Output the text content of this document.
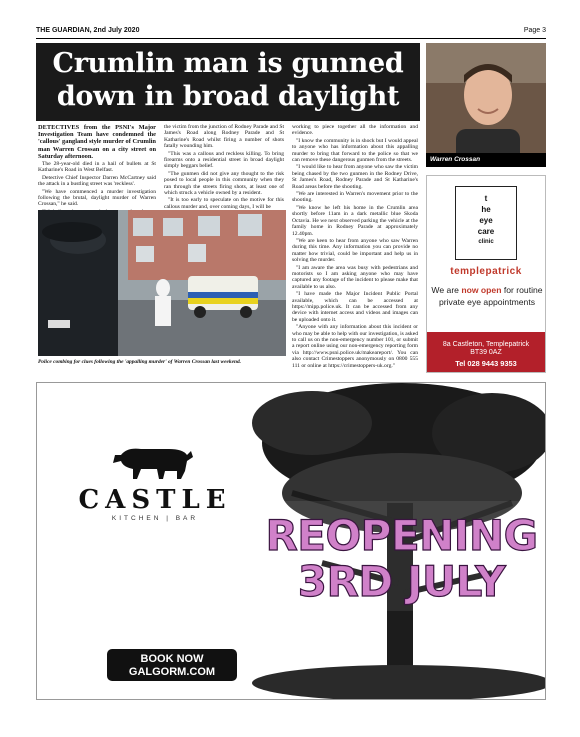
THE GUARDIAN, 2nd July 2020	Page 3
Crumlin man is gunned
down in broad daylight

DETECTIVES from the PSNI's Major Investigation Team have condemned the 'callous' gangland style murder of Crumlin man Warren Crossan on a city street on Saturday afternoon.

The 28-year-old died in a hail of bullets at St Katharine's Road in West Belfast.

Detective Chief Inspector Darren McCartney said the attack in a bustling street was 'reckless'.

"We have commenced a murder investigation following the brutal, daylight murder of Warren Crossan," he said.

the victim from the junction of Rodney Parade and St James's Road along Rodney Parade and St Katharine's Road whilst firing a number of shots fatally wounding him.

"This was a callous and reckless killing. To bring firearms onto a residential street in broad daylight simply beggars belief.

"The gunmen did not give any thought to the risk posed to local people in this community when they ran through the streets firing shots, at least one of which struck a vehicle owned by a resident.

"It is too early to speculate on the motive for this callous murder and, over coming days, I will be

working to piece together all the information and evidence.

"I know the community is in shock but I would appeal to anyone who has information about this appalling murder to bring that forward to the police so that we can remove these dangerous gunmen from the streets.

"I would like to hear from anyone who saw the victim being chased by the two gunmen in the Rodney Drive, St James's Road, Rodney Parade and St Katharine's Road areas before the shooting.

"We are interested in Warren's movement prior to the shooting.

"We know he left his home in the Crumlin area shortly before 11am in a dark metallic blue Skoda Octavia. He we next observed parking the vehicle at the family home in Rodney Parade at approximately 12.40pm.

"We are keen to hear from anyone who saw Warren during this time. Any information you can provide no matter how trivial, could be important and help us in solving the murder.

"I am aware the area was busy with pedestrians and motorists so I am asking anyone who may have captured any footage of the incident to please make that available to us also.

"I have made the Major Incident Public Portal available, which can be accessed at https://mipp.police.uk. It can be accessed from any device with internet access and videos and images can be uploaded onto it.

"Anyone with any information about this incident or who may be able to help with our investigation, is asked to call us on the non-emergency number 101, or submit a report online using our non-emergency reporting form via http://www.psni.police.uk/makeareport/. You can also contact Crimestoppers anonymously on 0800 555 111 or online at https://crimestoppers-uk.org."

Police combing for clues following the 'appalling murder' of Warren Crossan last weekend.
Warren Crossan
t
he
eye
care
clinic
templepatrick
We are now open for routine private eye appointments
8a Castleton, Templepatrick
BT39 0AZ
Tel 028 9443 9353
CASTLE
KITCHEN | BAR	REOPENING
3RD JULY
BOOK NOW
GALGORM.COM
